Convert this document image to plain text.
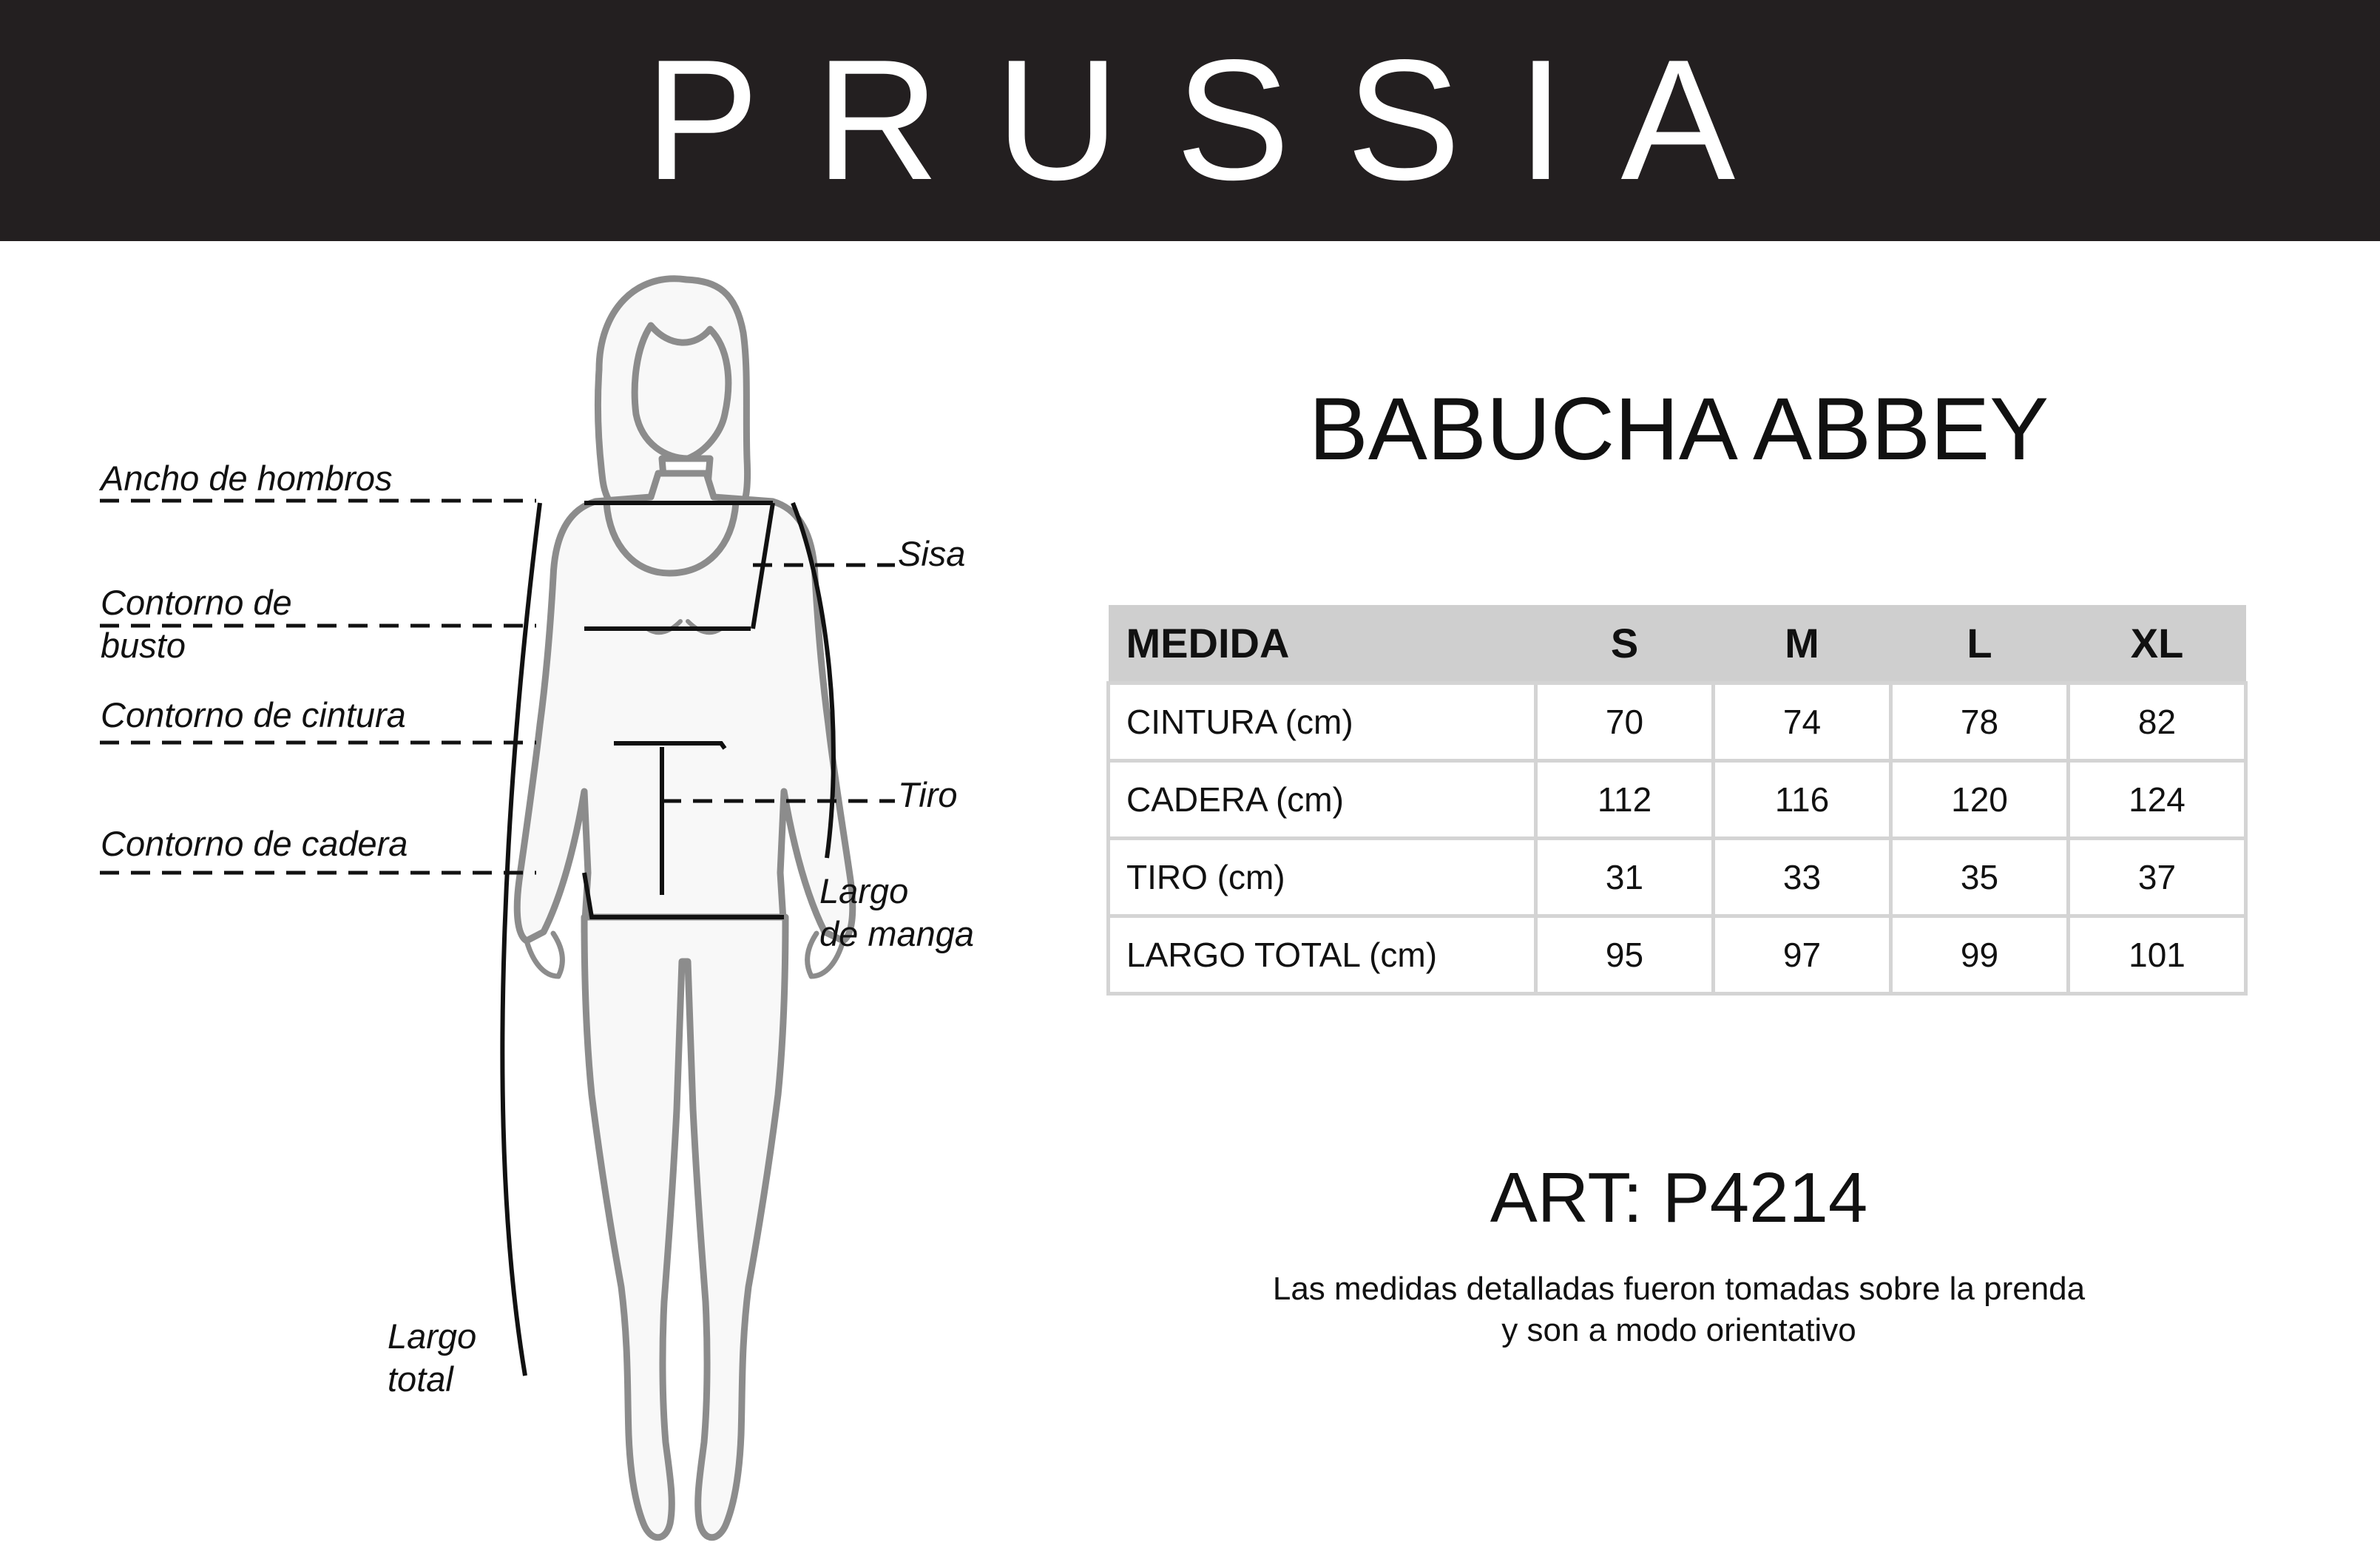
PRUSSIA
Ancho de hombros
Contorno de
busto
Contorno de cintura
Contorno de cadera
Sisa
Tiro
Largo
de manga
Largo
total
BABUCHA ABBEY
MEDIDA	S	M	L	XL
CINTURA (cm)	70	74	78	82
CADERA (cm)	112	116	120	124
TIRO (cm)	31	33	35	37
LARGO TOTAL (cm)	95	97	99	101
ART: P4214
Las medidas detalladas fueron tomadas sobre la prenda
y son a modo orientativo
